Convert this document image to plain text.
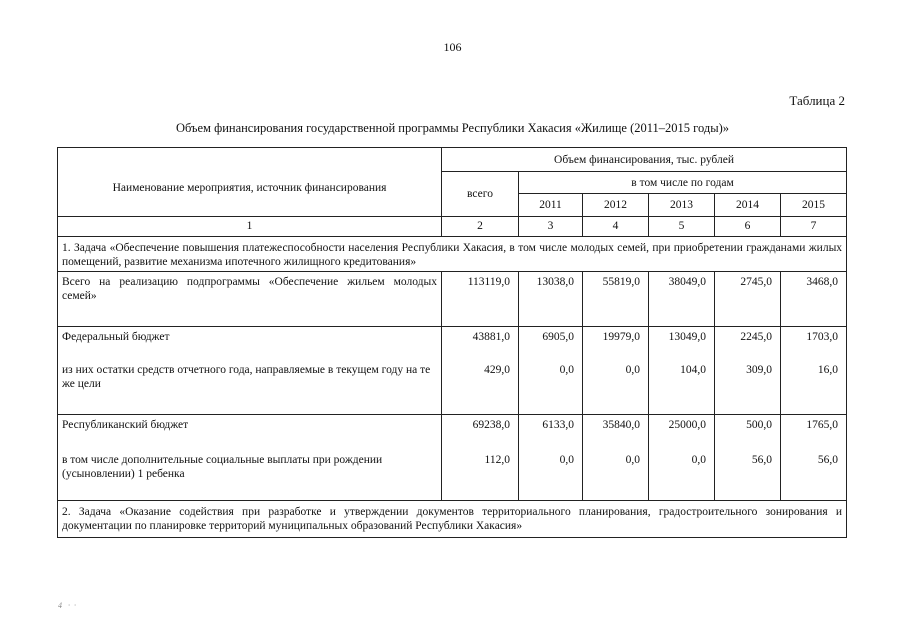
106
Таблица 2
Объем финансирования государственной программы Республики Хакасия «Жилище (2011–2015 годы)»
Наименование мероприятия, источник финансирования	Объем финансирования, тыс. рублей					
	всего	в том числе по годам				
		2011	2012	2013	2014	2015
1	2	3	4	5	6	7
1. Задача «Обеспечение повышения платежеспособности населения Республики Хакасия, в том числе молодых семей, при приобретении гражданами жилых помещений, развитие механизма ипотечного жилищного кредитования»						
Всего на реализацию подпрограммы «Обеспечение жильем молодых семей»	113119,0	13038,0	55819,0	38049,0	2745,0	3468,0
Федеральный бюджет	43881,0	6905,0	19979,0	13049,0	2245,0	1703,0
из них остатки средств отчетного года, направляемые в текущем году на те же цели	429,0	0,0	0,0	104,0	309,0	16,0
Республиканский бюджет	69238,0	6133,0	35840,0	25000,0	500,0	1765,0
в том числе дополнительные социальные выплаты при рождении (усыновлении) 1 ребенка	112,0	0,0	0,0	0,0	56,0	56,0
2. Задача «Оказание содействия при разработке и утверждении документов территориального планирования, градостроительного зонирования и документации по планировке территорий муниципальных образований Республики Хакасия»						
4   ·  ·
